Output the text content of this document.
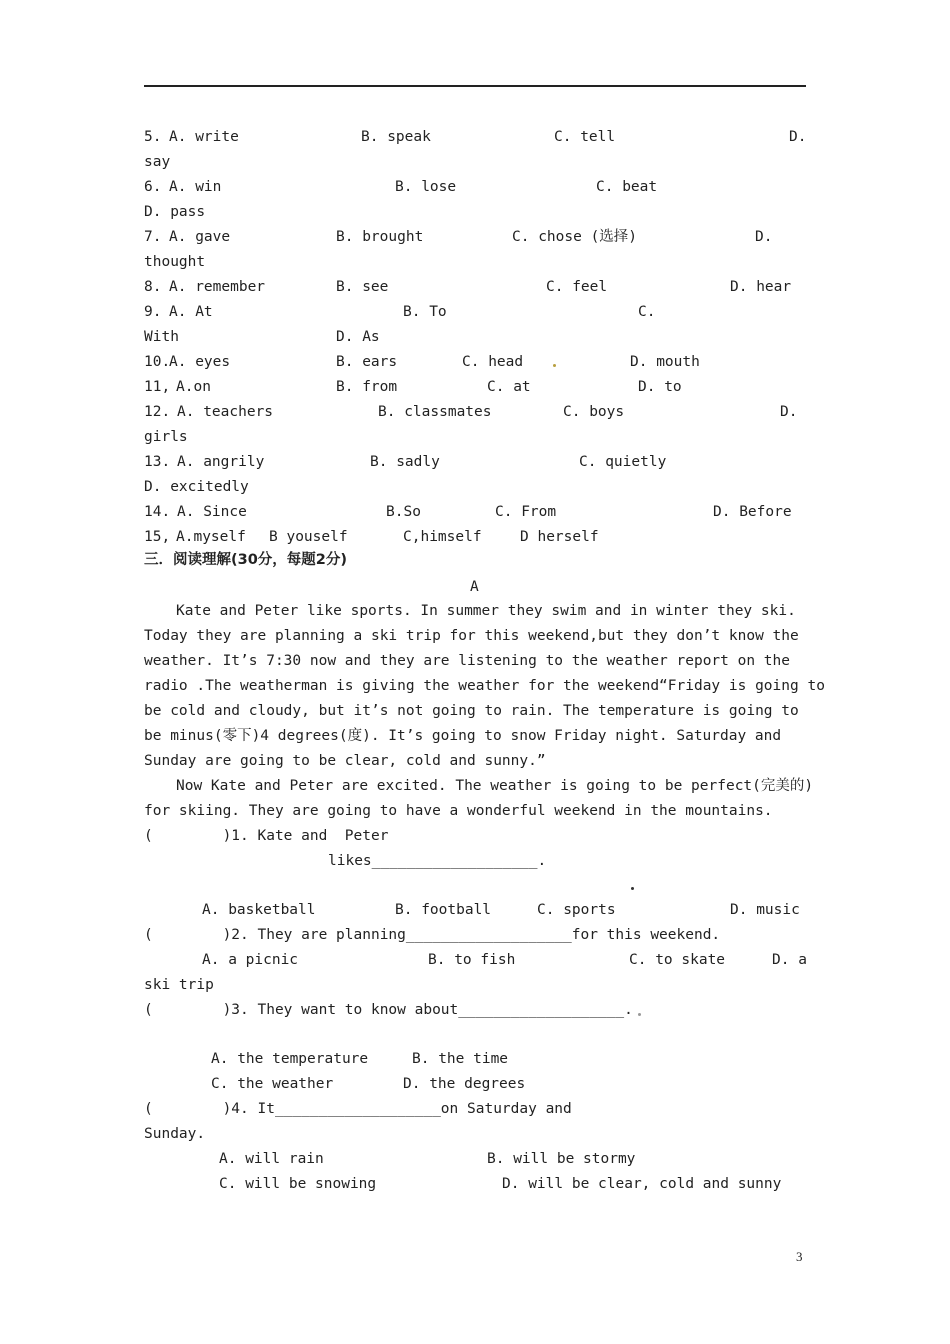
5. A. write	B. speak	C. tell	D.
say
6. A. win	B. lose	C. beat
D. pass
7. A. gave	B. brought	C. chose (选择)	D.
thought
8. A. remember	B. see	C. feel	D. hear
9. A. At	B. To	C.
With	D. As
10.
A. eyes	B. ears	C. head	D. mouth
11, A.on	B. from	C. at	D. to
12. A. teachers	B. classmates	C. boys	D.
girls
13. A. angrily	B. sadly	C. quietly
D. excitedly
14. A. Since	B.So	C. From	D. Before
15, A.myself B youself	C,himself	D herself
三．阅读理解(30分，每题2分)
A
Kate and Peter like sports. In summer they swim and in winter they ski.
Today they are planning a ski trip for this weekend,but they don’t know the
weather. It’s 7:30 now and they are listening to the weather report on the
radio .The weatherman is giving the weather for the weekend“Friday is going to
be cold and cloudy, but it’s not going to rain. The temperature is going to
be minus(零下)4 degrees(度). It’s going to snow Friday night. Saturday and
Sunday are going to be clear, cold and sunny.”
Now Kate and Peter are excited. The weather is going to be perfect(完美的)
for skiing. They are going to have a wonderful weekend in the mountains.
(        )1. Kate and  Peter
likes___________________.
A. basketball	B. football	C. sports	D. music
(        )2. They are planning___________________for this weekend.
A. a picnic	B. to fish	C. to skate	D. a
ski trip
(        )3. They want to know about___________________.
A. the temperature	B. the time
C. the weather	D. the degrees
(        )4. It___________________on Saturday and
Sunday.
A. will rain	B. will be stormy
C. will be snowing	D. will be clear, cold and sunny
3
